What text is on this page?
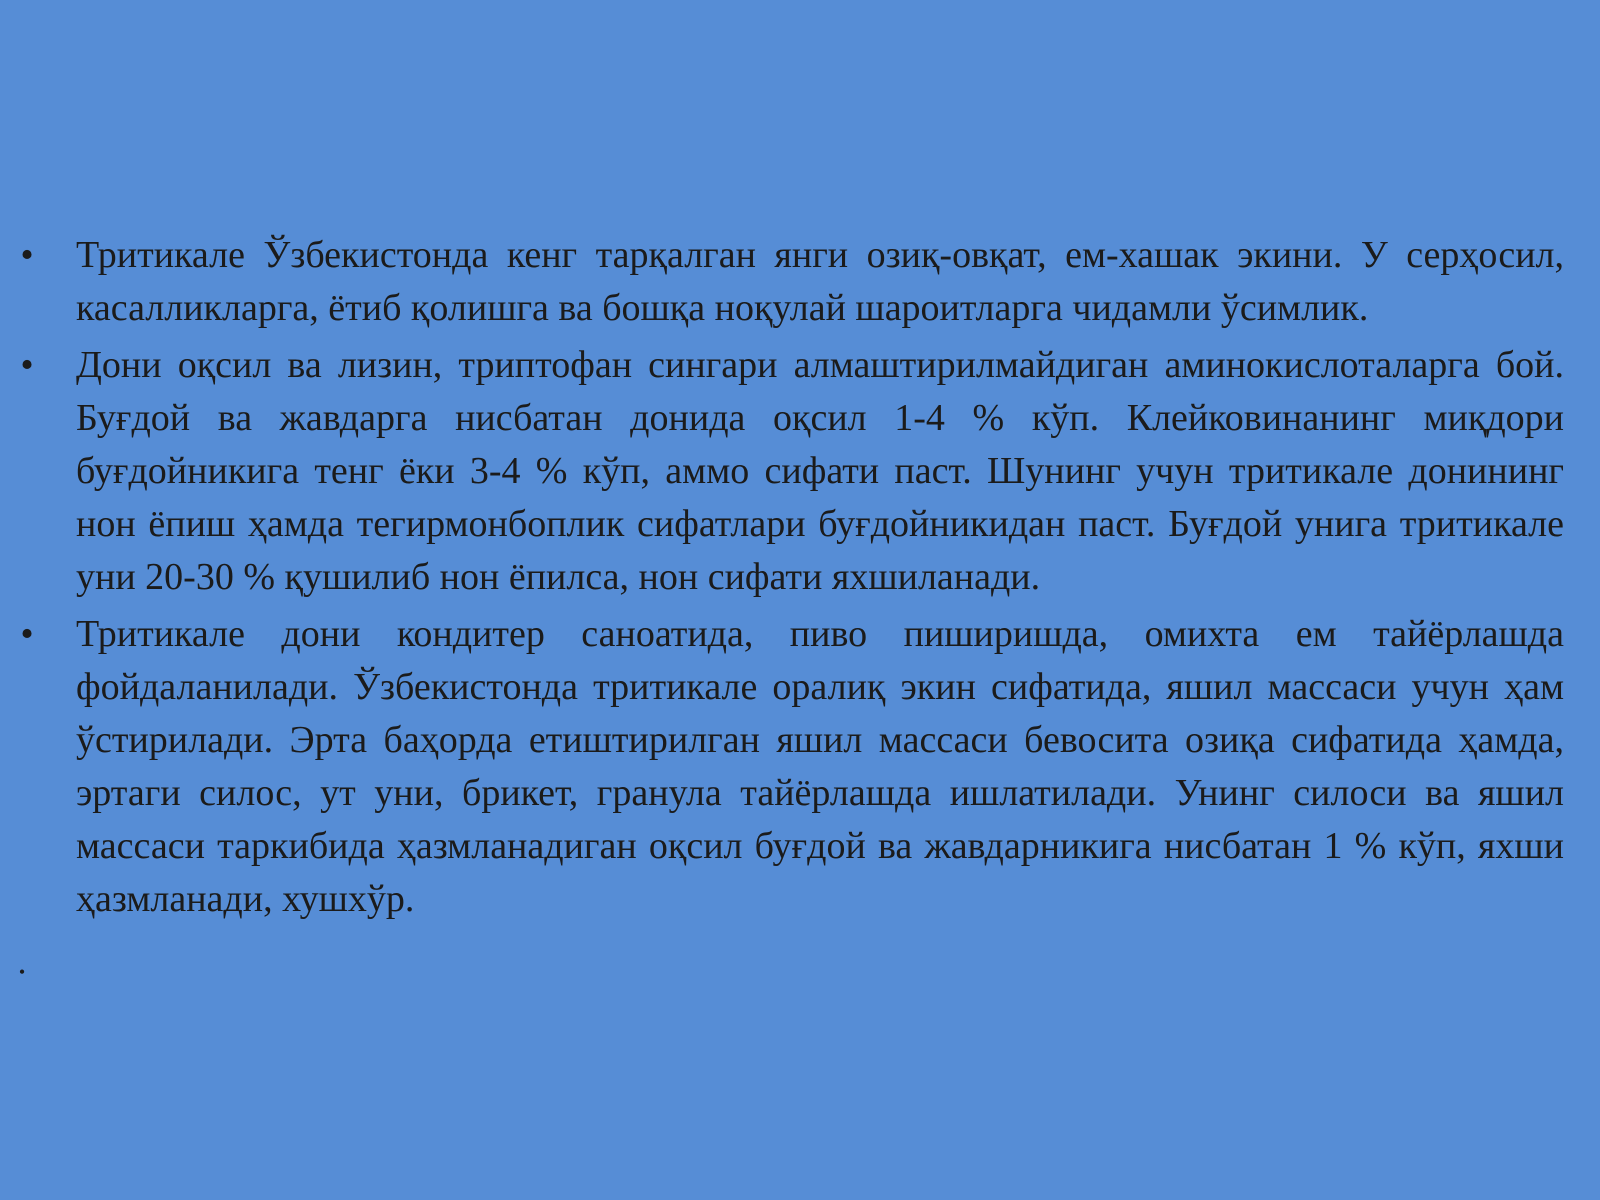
• Тритикале Ўзбекистонда кенг тарқалган янги озиқ-овқат, ем-хашак экини. У серҳосил, касалликларга, ётиб қолишга ва бошқа ноқулай шароитларга чидамли ўсимлик.
• Дони оқсил ва лизин, триптофан сингари алмаштирилмайдиган аминокислоталарга бой. Буғдой ва жавдарга нисбатан донида оқсил 1-4 % кўп. Клейковинанинг миқдори буғдойникига тенг ёки 3-4 % кўп, аммо сифати паст. Шунинг учун тритикале донининг нон ёпиш ҳамда тегирмонбоплик сифатлари буғдойникидан паст. Буғдой унига тритикале уни 20-30 % қушилиб нон ёпилса, нон сифати яхшиланади.
• Тритикале дони кондитер саноатида, пиво пиширишда, омихта ем тайёрлашда фойдаланилади. Ўзбекистонда тритикале оралиқ экин сифатида, яшил массаси учун ҳам ўстирилади. Эрта баҳорда етиштирилган яшил массаси бевосита озиқа сифатида ҳамда, эртаги силос, ут уни, брикет, гранула тайёрлашда ишлатилади. Унинг силоси ва яшил массаси таркибида ҳазмланадиган оқсил буғдой ва жавдарникига нисбатан 1 % кўп, яхши ҳазмланади, хушхўр.
•
